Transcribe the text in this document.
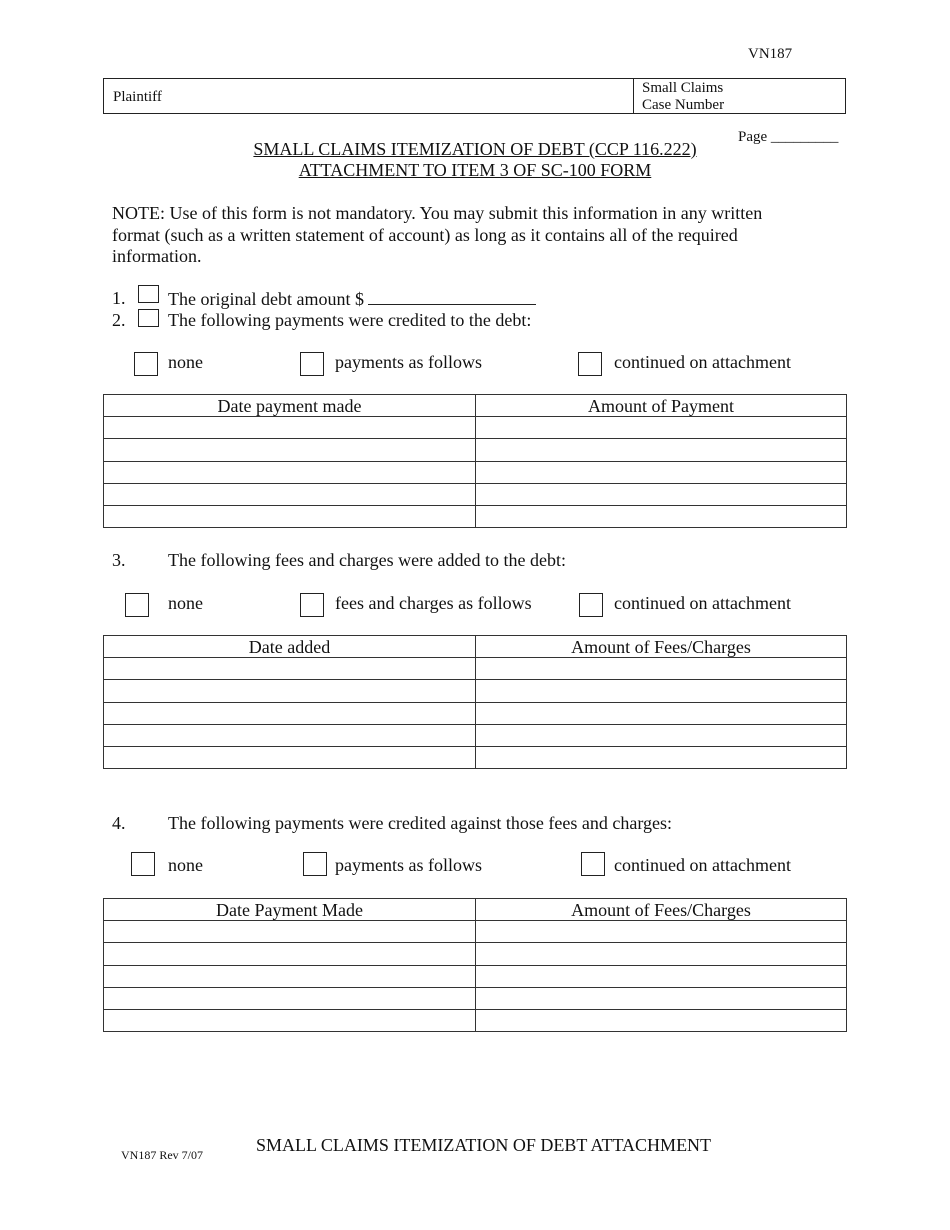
VN187
Plaintiff
Small Claims
Case Number
Page _________
SMALL CLAIMS ITEMIZATION OF DEBT (CCP 116.222)
ATTACHMENT TO ITEM 3 OF SC-100 FORM
NOTE: Use of this form is not mandatory. You may submit this information in any written format (such as a written statement of account) as long as it contains all of the required information.
1. The original debt amount $
2. The following payments were credited to the debt:
none	payments as follows	continued on attachment
Date payment made	Amount of Payment

3. The following fees and charges were added to the debt:
none	fees and charges as follows	continued on attachment
Date added	Amount of Fees/Charges

4. The following payments were credited against those fees and charges:
none	payments as follows	continued on attachment
Date Payment Made	Amount of Fees/Charges

VN187 Rev 7/07	SMALL CLAIMS ITEMIZATION OF DEBT ATTACHMENT
